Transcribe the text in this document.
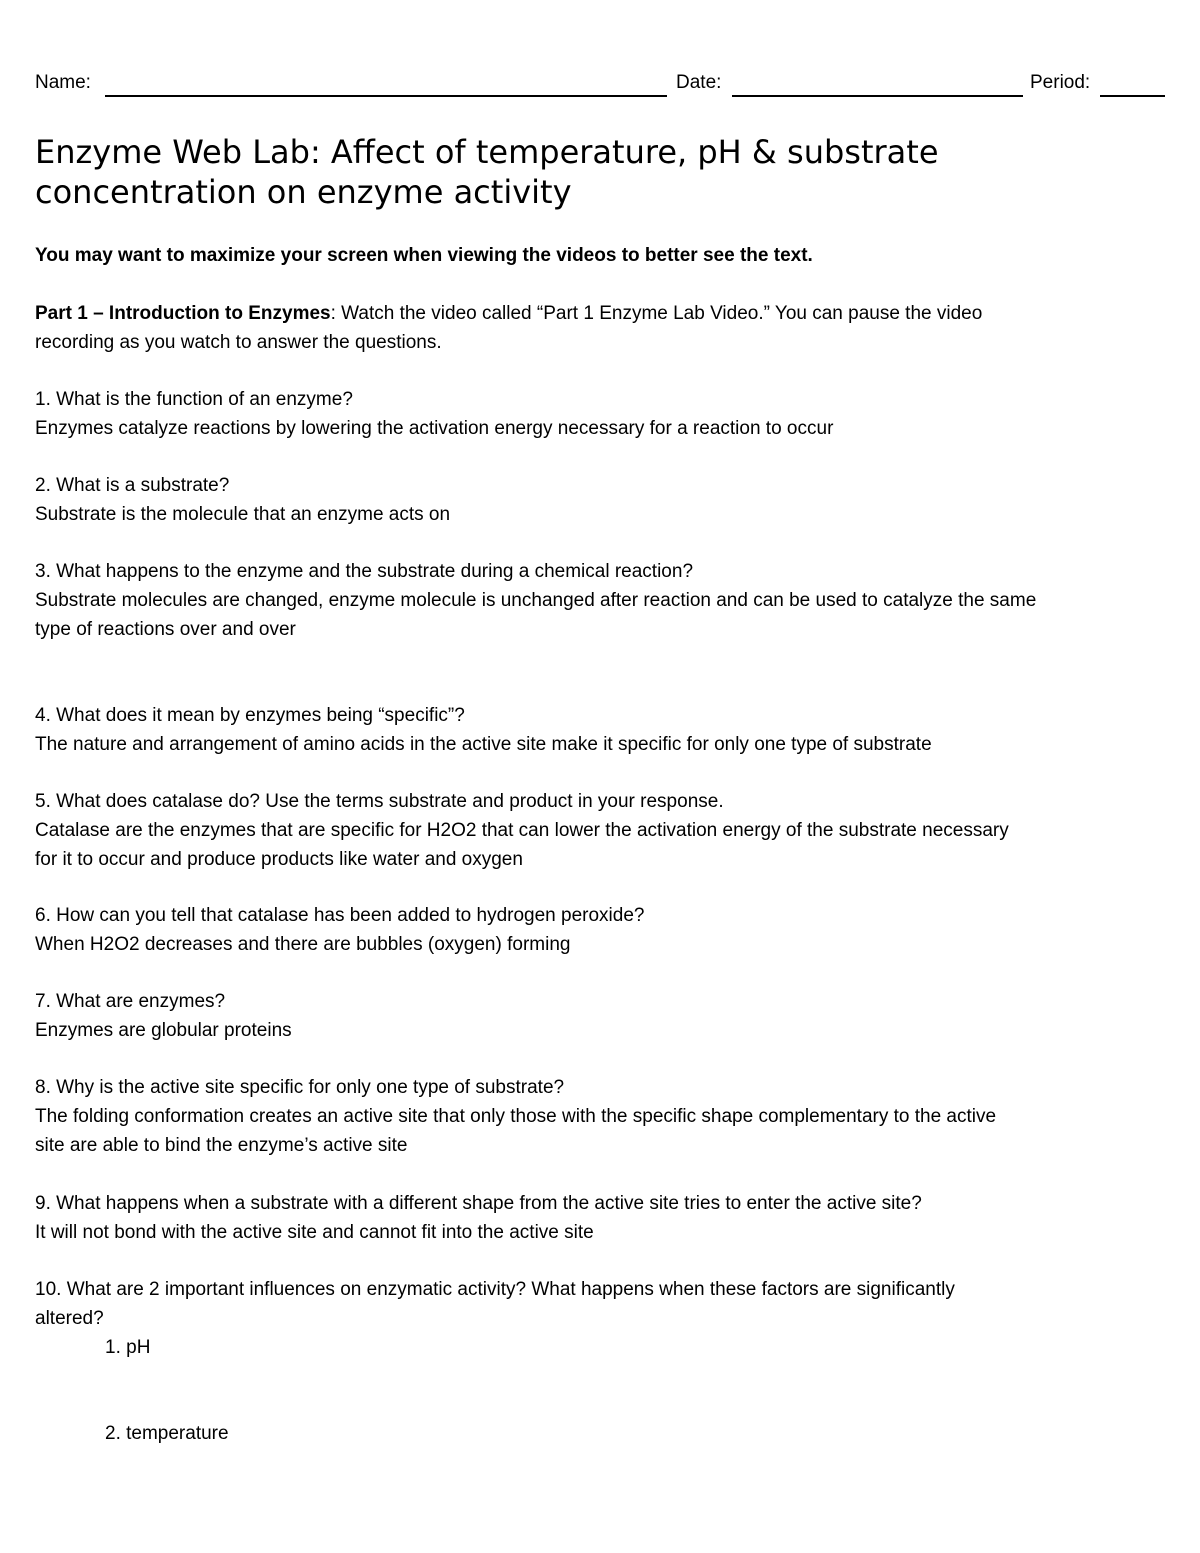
Name:	Date:	Period:
Enzyme Web Lab: Affect of temperature, pH & substrate
concentration on enzyme activity

You may want to maximize your screen when viewing the videos to better see the text.

Part 1 – Introduction to Enzymes: Watch the video called “Part 1 Enzyme Lab Video.” You can pause the video
recording as you watch to answer the questions.
1. What is the function of an enzyme?
Enzymes catalyze reactions by lowering the activation energy necessary for a reaction to occur
2. What is a substrate?
Substrate is the molecule that an enzyme acts on
3. What happens to the enzyme and the substrate during a chemical reaction?
Substrate molecules are changed, enzyme molecule is unchanged after reaction and can be used to catalyze the same
type of reactions over and over
4. What does it mean by enzymes being “specific”?
The nature and arrangement of amino acids in the active site make it specific for only one type of substrate
5. What does catalase do? Use the terms substrate and product in your response.
Catalase are the enzymes that are specific for H2O2 that can lower the activation energy of the substrate necessary
for it to occur and produce products like water and oxygen
6. How can you tell that catalase has been added to hydrogen peroxide?
When H2O2 decreases and there are bubbles (oxygen) forming
7. What are enzymes?
Enzymes are globular proteins
8. Why is the active site specific for only one type of substrate?
The folding conformation creates an active site that only those with the specific shape complementary to the active
site are able to bind the enzyme’s active site
9. What happens when a substrate with a different shape from the active site tries to enter the active site?
It will not bond with the active site and cannot fit into the active site
10. What are 2 important influences on enzymatic activity? What happens when these factors are significantly
altered?
1. pH
2. temperature
